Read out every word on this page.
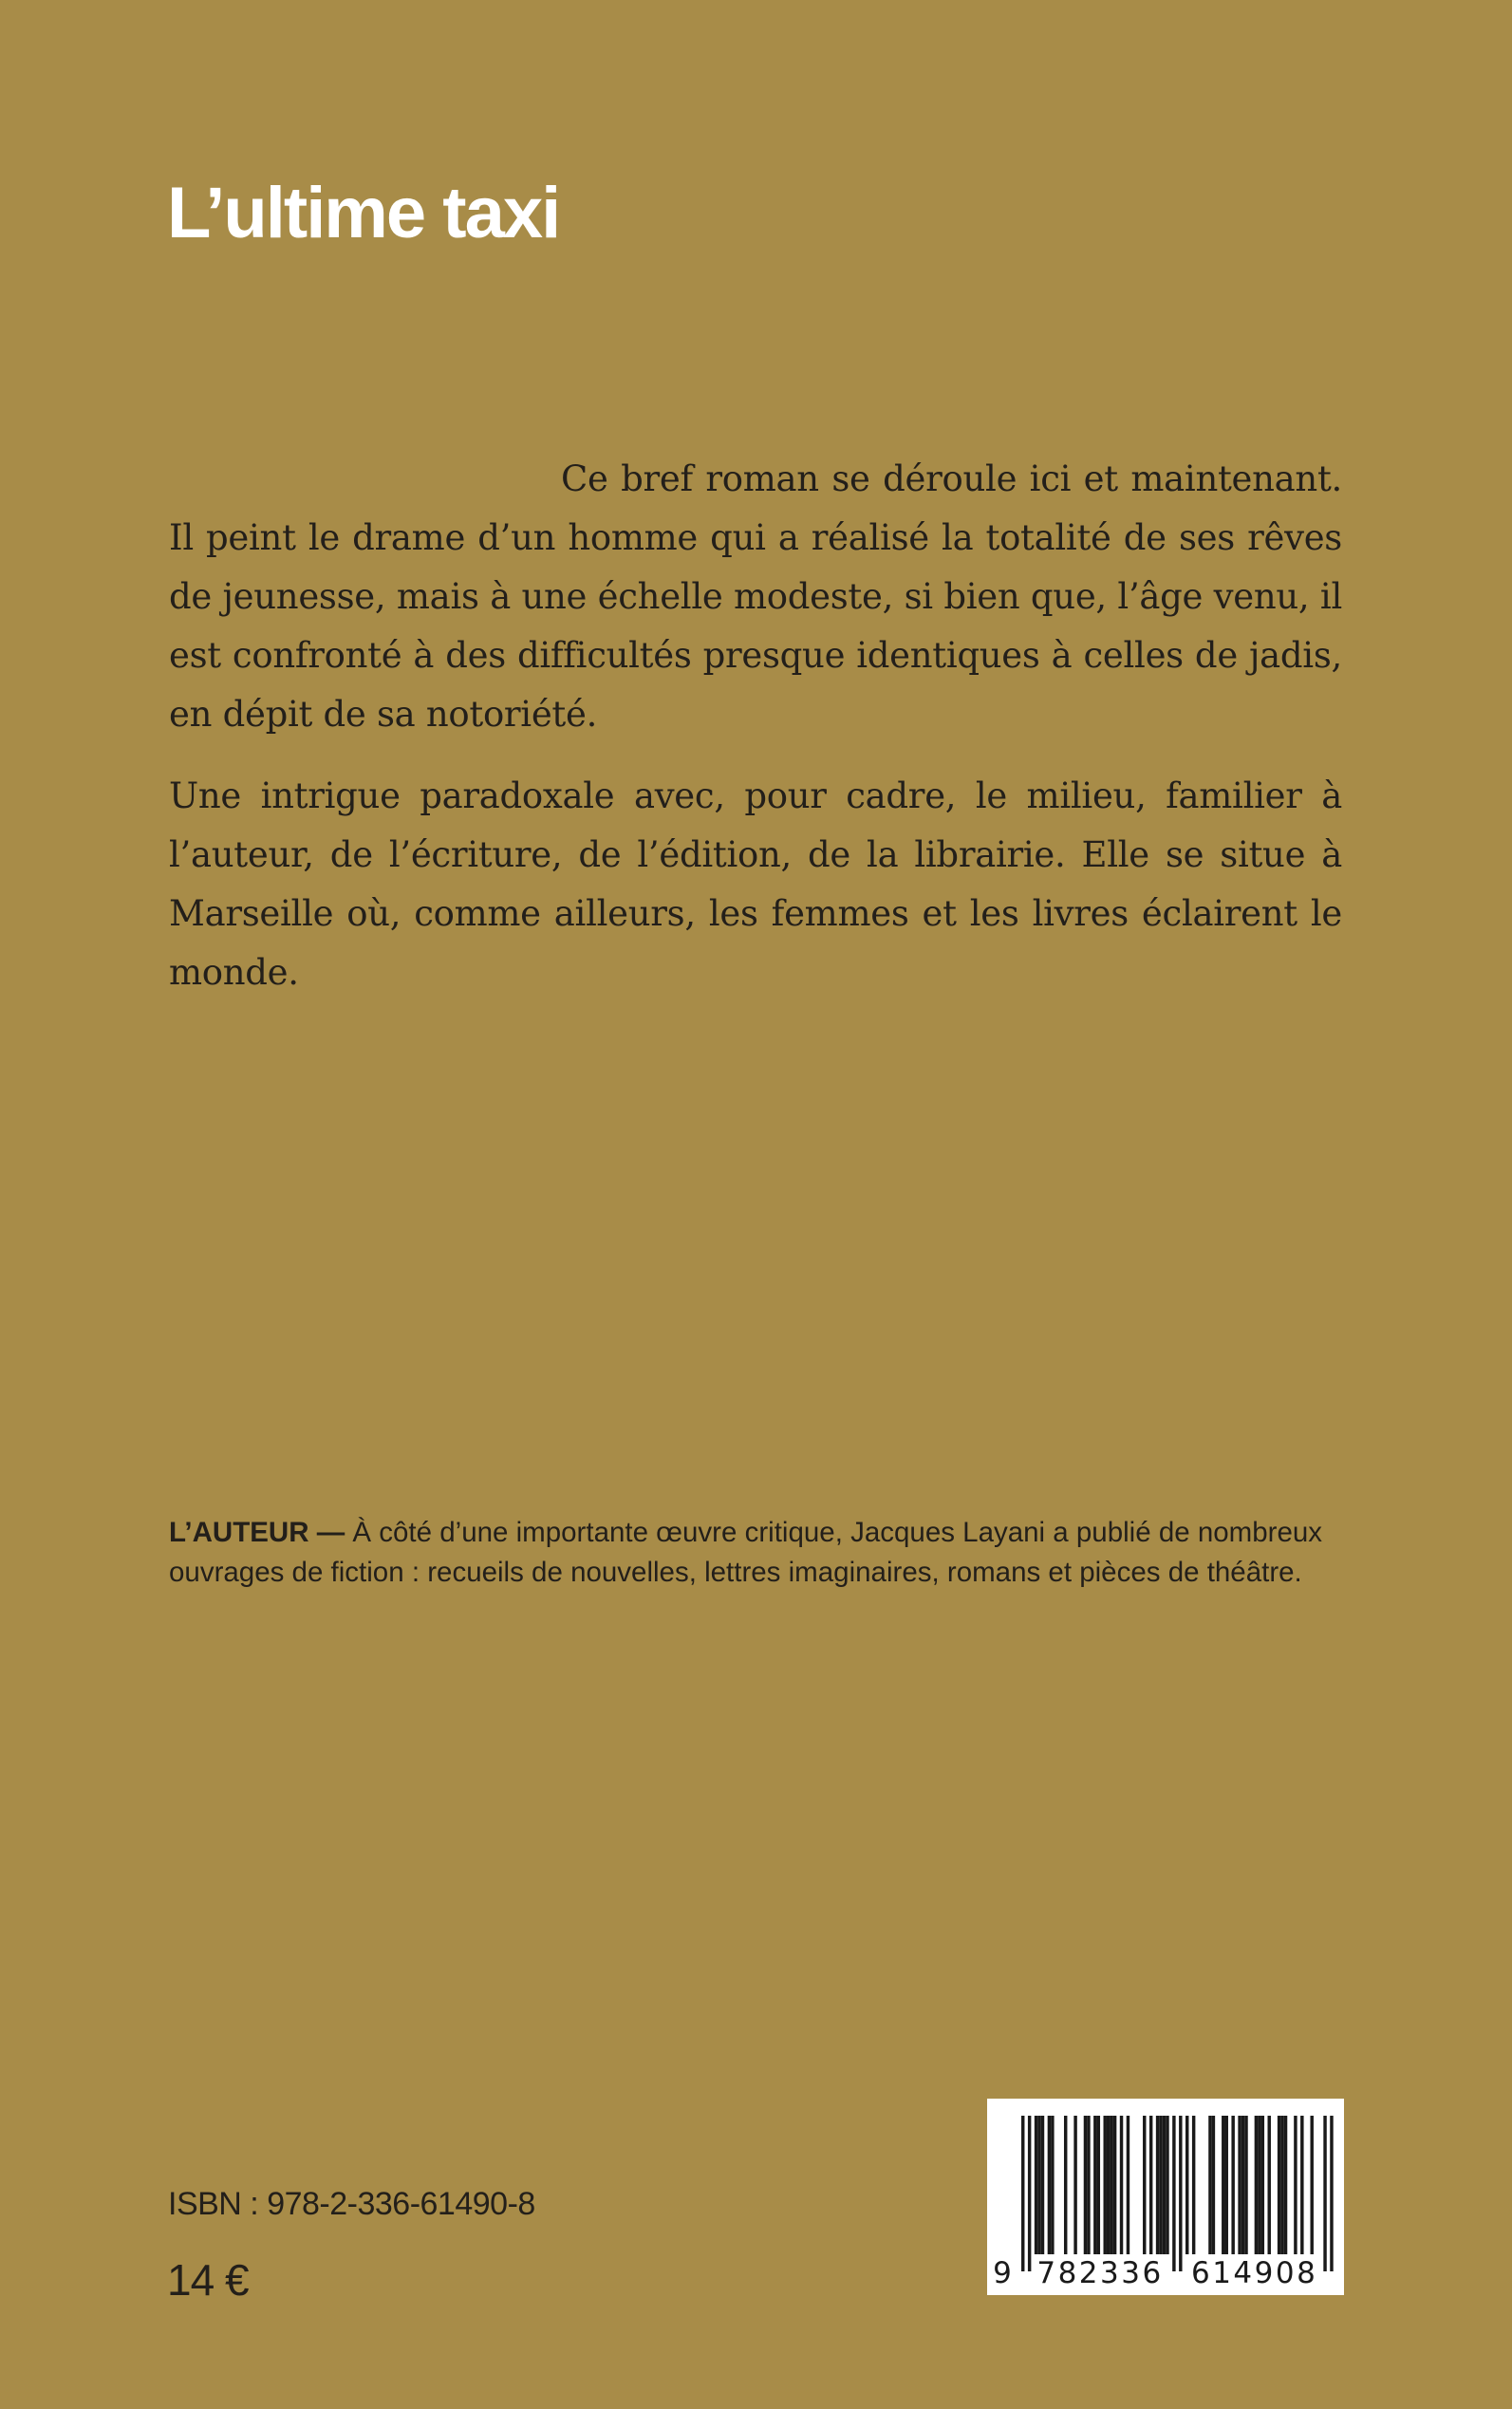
L’ultime taxi

Ce bref roman se déroule ici et maintenant. Il peint le drame d’un homme qui a réalisé la totalité de ses rêves de jeunesse, mais à une échelle modeste, si bien que, l’âge venu, il est confronté à des difficultés presque identiques à celles de jadis, en dépit de sa notoriété.

Une intrigue paradoxale avec, pour cadre, le milieu, familier à l’auteur, de l’écriture, de l’édition, de la librairie. Elle se situe à Marseille où, comme ailleurs, les femmes et les livres éclairent le monde.

L’AUTEUR — À côté d’une importante œuvre critique, Jacques Layani a publié de nombreux ouvrages de fiction : recueils de nouvelles, lettres imaginaires, romans et pièces de théâtre.

ISBN : 978-2-336-61490-8
14 €	9 782336 614908
